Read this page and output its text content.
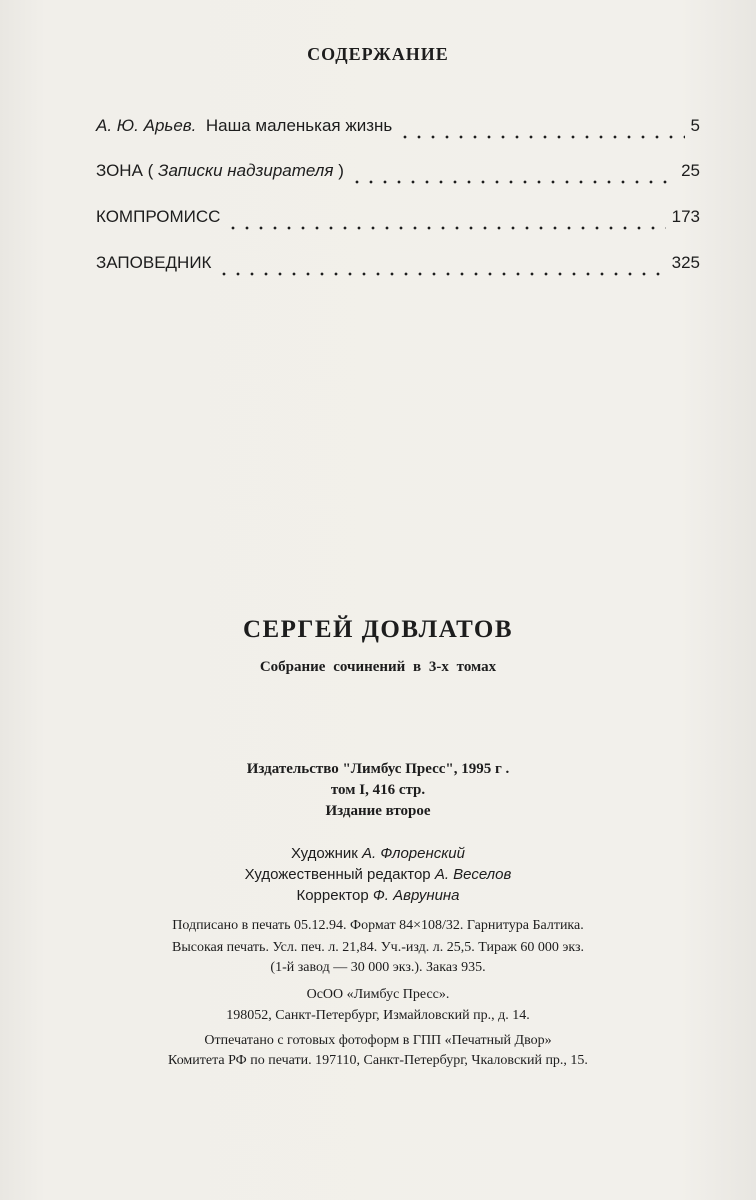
СОДЕРЖАНИЕ
А. Ю. Арьев. Наша маленькая жизнь	5
ЗОНА ( Записки надзирателя )	25
КОМПРОМИСС	173
ЗАПОВЕДНИК	325
СЕРГЕЙ ДОВЛАТОВ
Собрание сочинений в 3-х томах
Издательство "Лимбус Пресс", 1995 г .
том I, 416 стр.
Издание второе
Художник А. Флоренский
Художественный редактор А. Веселов
Корректор Ф. Аврунина
Подписано в печать 05.12.94. Формат 84×108/32. Гарнитура Балтика.
Высокая печать. Усл. печ. л. 21,84. Уч.-изд. л. 25,5. Тираж 60 000 экз.
(1-й завод — 30 000 экз.). Заказ 935.
ОсОО «Лимбус Пресс».
198052, Санкт-Петербург, Измайловский пр., д. 14.
Отпечатано с готовых фотоформ в ГПП «Печатный Двор»
Комитета РФ по печати. 197110, Санкт-Петербург, Чкаловский пр., 15.
